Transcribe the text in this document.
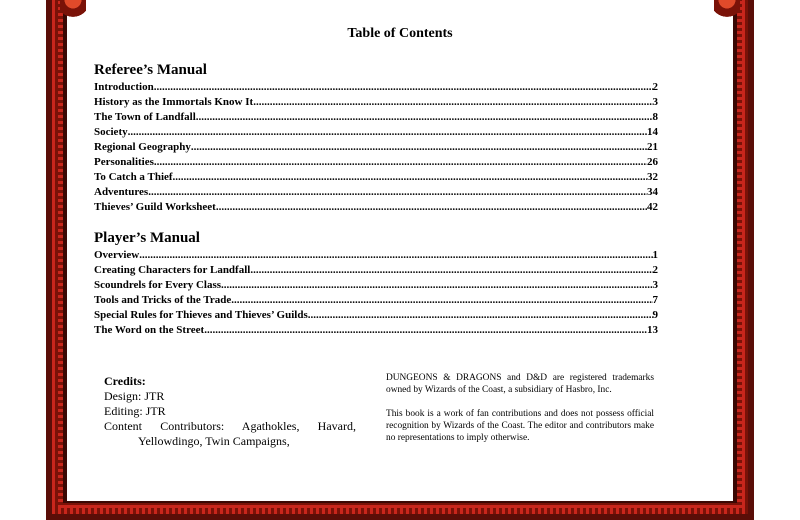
Table of Contents
Referee’s Manual
Introduction .....	2
History as the Immortals Know It .....	3
The Town of Landfall .....	8
Society .....	14
Regional Geography .....	21
Personalities .....	26
To Catch a Thief .....	32
Adventures .....	34
Thieves’ Guild Worksheet .....	42
Player’s Manual
Overview .....	1
Creating Characters for Landfall .....	2
Scoundrels for Every Class .....	3
Tools and Tricks of the Trade .....	7
Special Rules for Thieves and Thieves’ Guilds .....	9
The Word on the Street .....	13
Credits:
Design: JTR
Editing: JTR
Content Contributors: Agathokles, Havard, Yellowdingo, Twin Campaigns,

DUNGEONS & DRAGONS and D&D are registered trademarks owned by Wizards of the Coast, a subsidiary of Hasbro, Inc.

This book is a work of fan contributions and does not possess official recognition by Wizards of the Coast. The editor and contributors make no representations to imply otherwise.
